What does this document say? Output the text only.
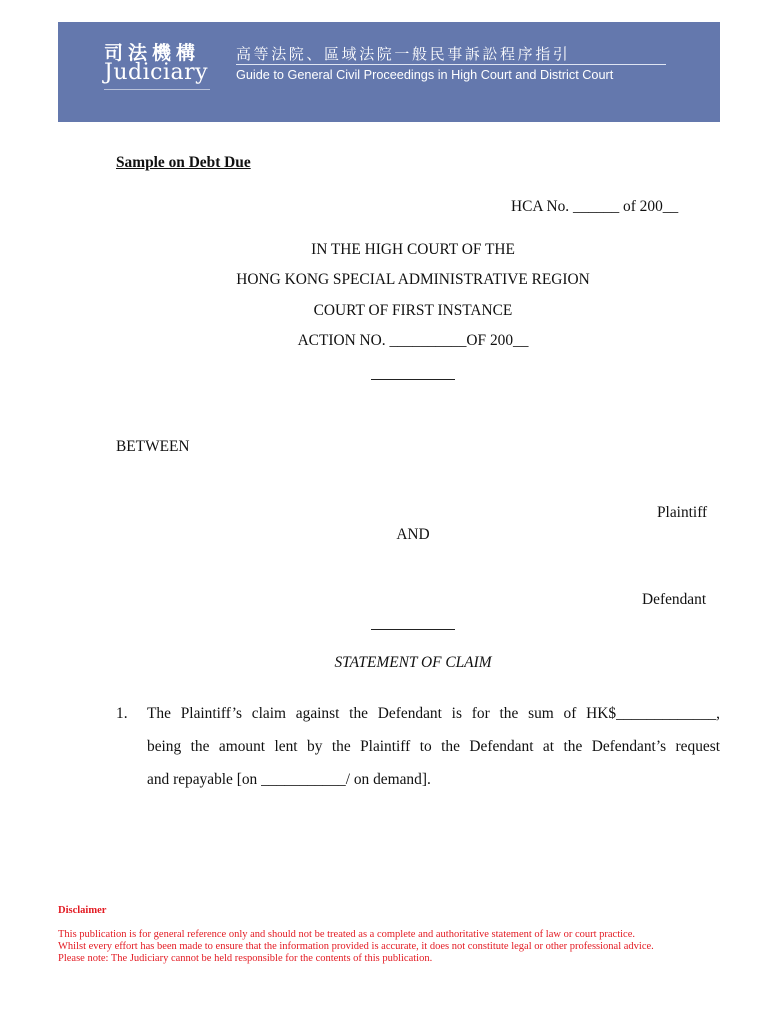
司法機構
Judiciary
高等法院、區域法院一般民事訴訟程序指引
Guide to General Civil Proceedings in High Court and District Court
Sample on Debt Due
HCA No. ______ of 200__
IN THE HIGH COURT OF THE
HONG KONG SPECIAL ADMINISTRATIVE REGION
COURT OF FIRST INSTANCE
ACTION NO. __________OF 200__
BETWEEN
Plaintiff
AND
Defendant
STATEMENT OF CLAIM
1. The Plaintiff’s claim against the Defendant is for the sum of HK$_____________,
being the amount lent by the Plaintiff to the Defendant at the Defendant’s request
and repayable [on ___________/ on demand].
Disclaimer
This publication is for general reference only and should not be treated as a complete and authoritative statement of law or court practice.
Whilst every effort has been made to ensure that the information provided is accurate, it does not constitute legal or other professional advice.
Please note: The Judiciary cannot be held responsible for the contents of this publication.
